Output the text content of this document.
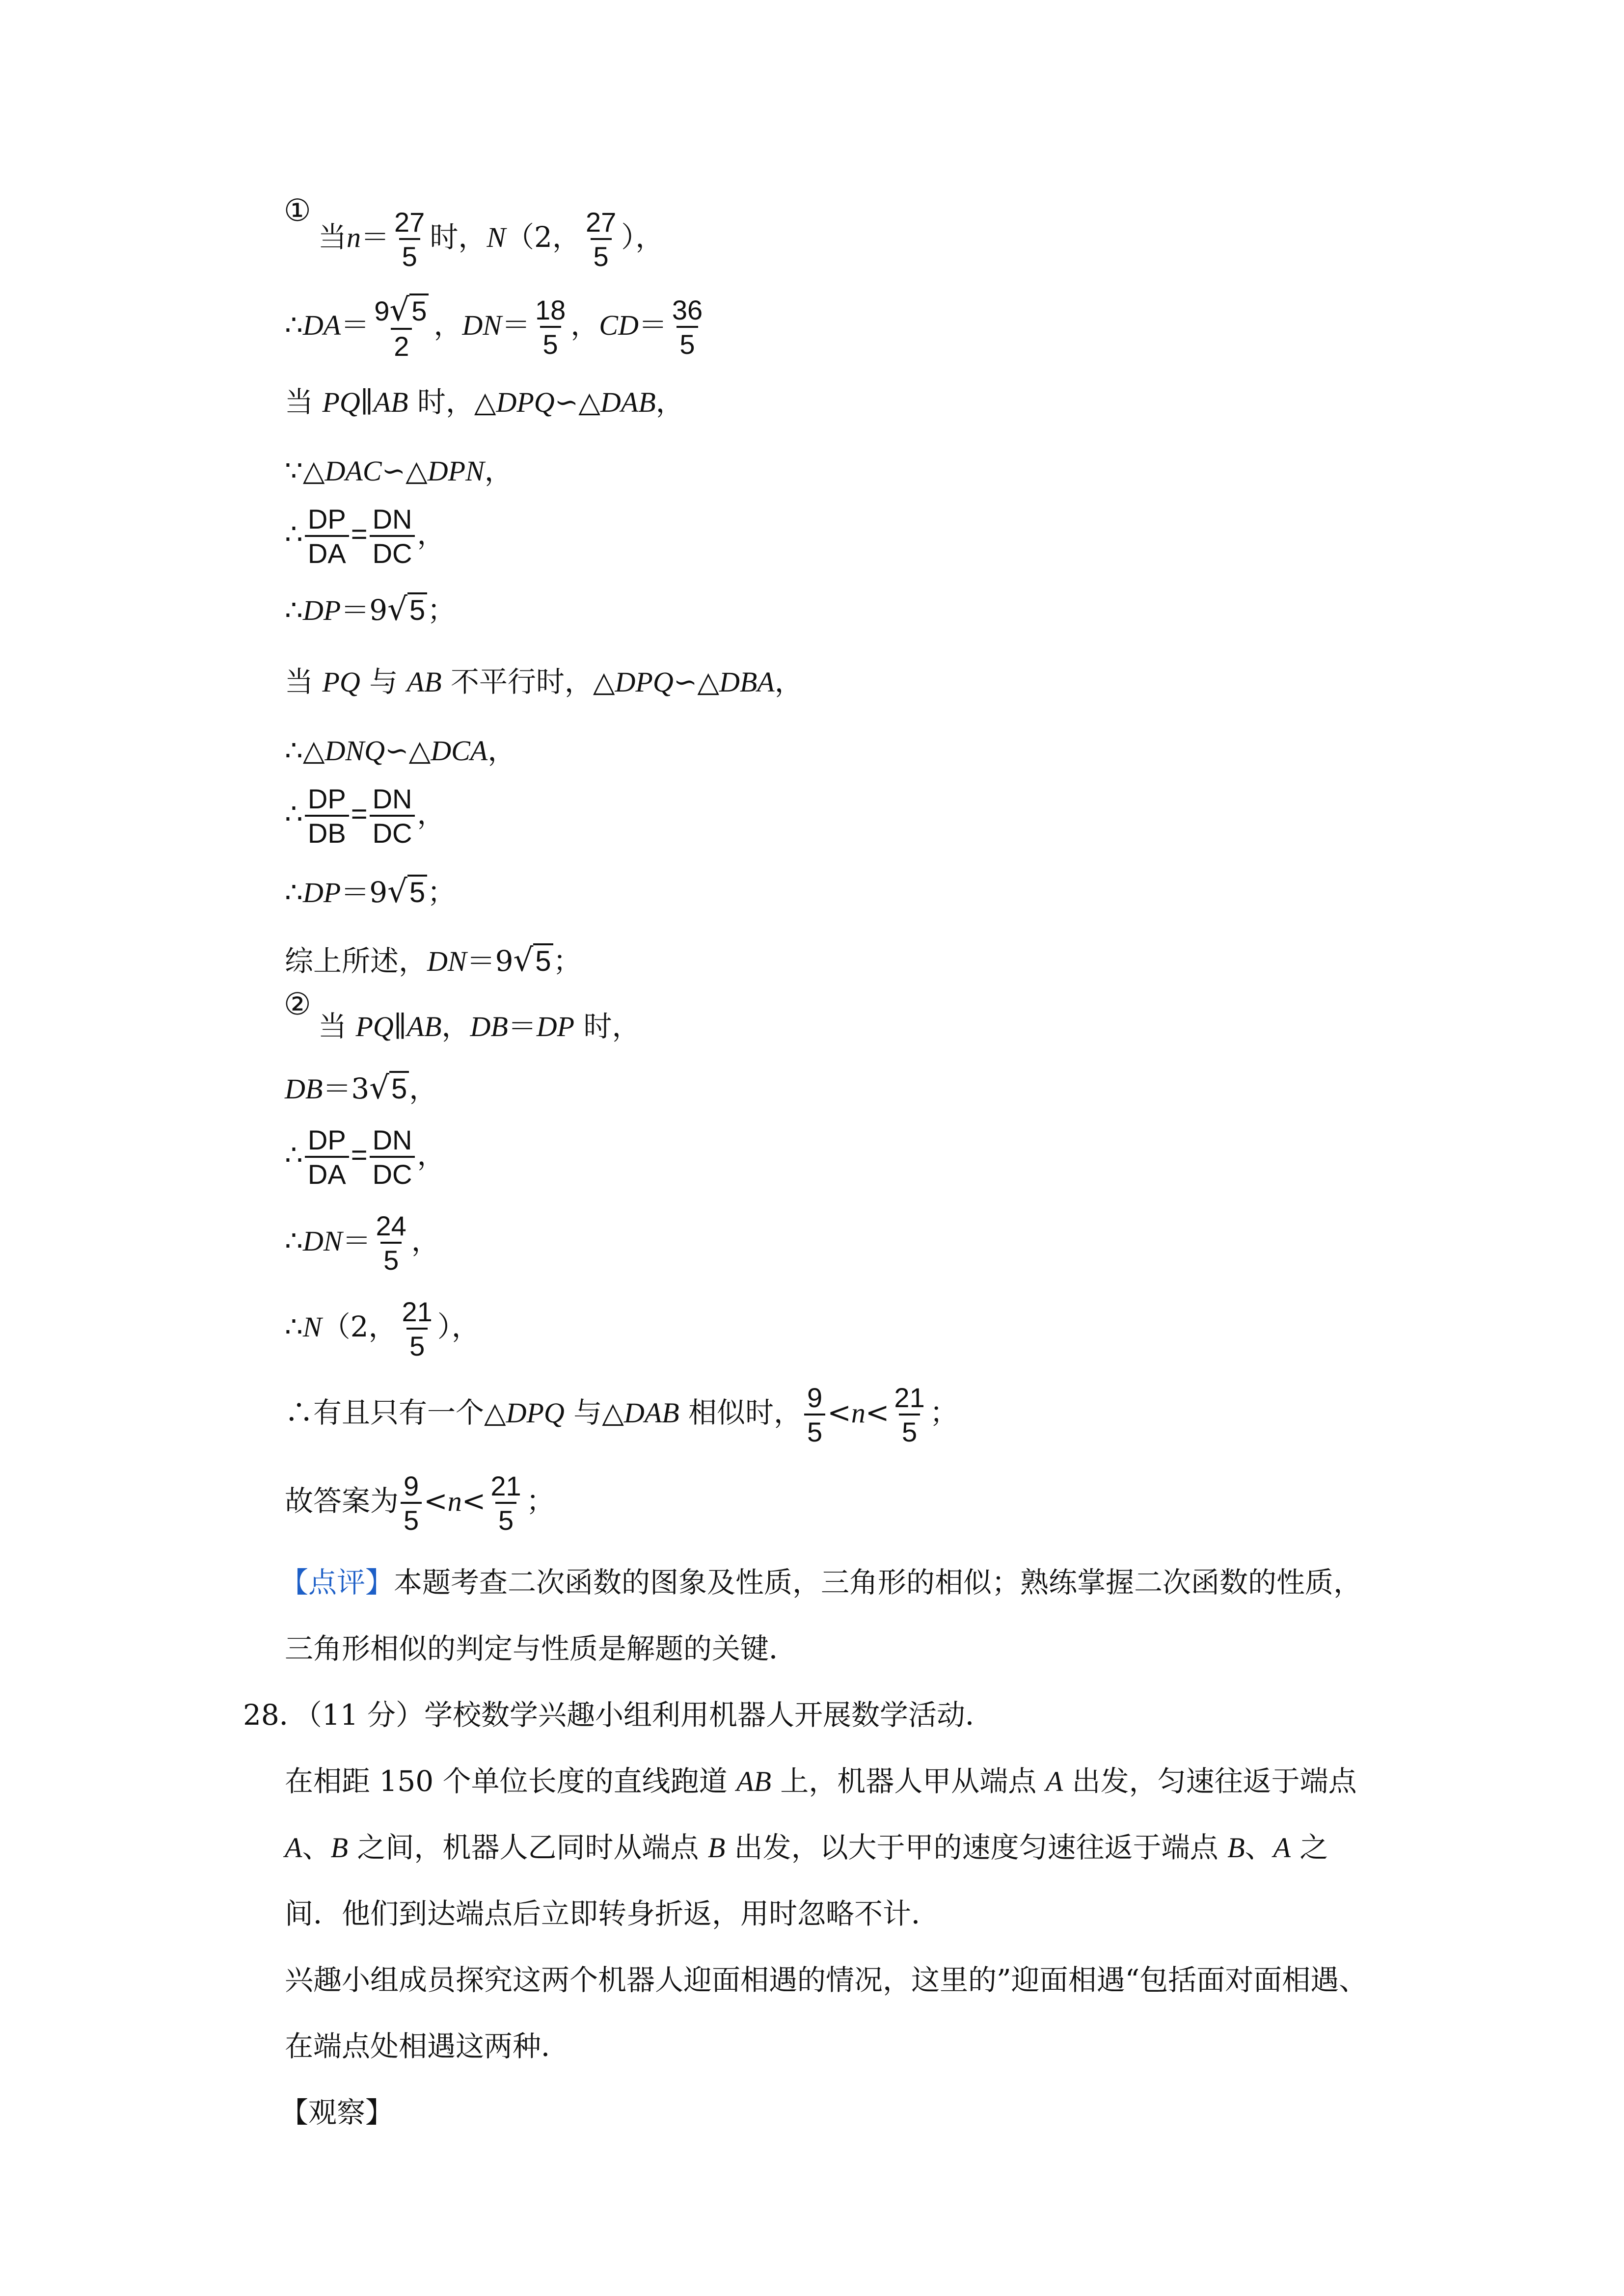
①
当$n= \frac{27}{5}$ 时，N（2， $\frac{27}{5}$ ），
∴DA＝ $\frac{9√5}{2}$ ，$DN= \frac{18}{5}$ ，$CD= \frac{36}{5}$
当 PQ∥AB 时，△DPQ∽△DAB，
∵△DAC∽△DPN，
∴ $\frac{DP}{DA} = \frac{DN}{DC}$ ，
∴DP＝9√5；
当 PQ 与 AB 不平行时，△DPQ∽△DBA，
∴△DNQ∽△DCA，
∴ $\frac{DP}{DB} = \frac{DN}{DC}$ ，
∴DP＝9√5；
综上所述，DN＝9√5；
②
当 PQ∥AB，DB＝DP 时，
DB＝3√5，
∴ $\frac{DP}{DA} = \frac{DN}{DC}$ ，
∴DN＝ $\frac{24}{5}$ ，
∴N（2， $\frac{21}{5}$ ），
∴有且只有一个△DPQ 与△DAB 相似时， $\frac{9}{5} <n< \frac{21}{5}$ ；
故答案为 $\frac{9}{5} <n< \frac{21}{5}$ ；
【点评】本题考查二次函数的图象及性质，三角形的相似；熟练掌握二次函数的性质，
三角形相似的判定与性质是解题的关键．
28．（11 分）学校数学兴趣小组利用机器人开展数学活动．
在相距 150 个单位长度的直线跑道 AB 上，机器人甲从端点 A 出发，匀速往返于端点
A、B 之间，机器人乙同时从端点 B 出发，以大于甲的速度匀速往返于端点 B、A 之
间．他们到达端点后立即转身折返，用时忽略不计．
兴趣小组成员探究这两个机器人迎面相遇的情况，这里的”迎面相遇“包括面对面相遇、
在端点处相遇这两种．
【观察】
